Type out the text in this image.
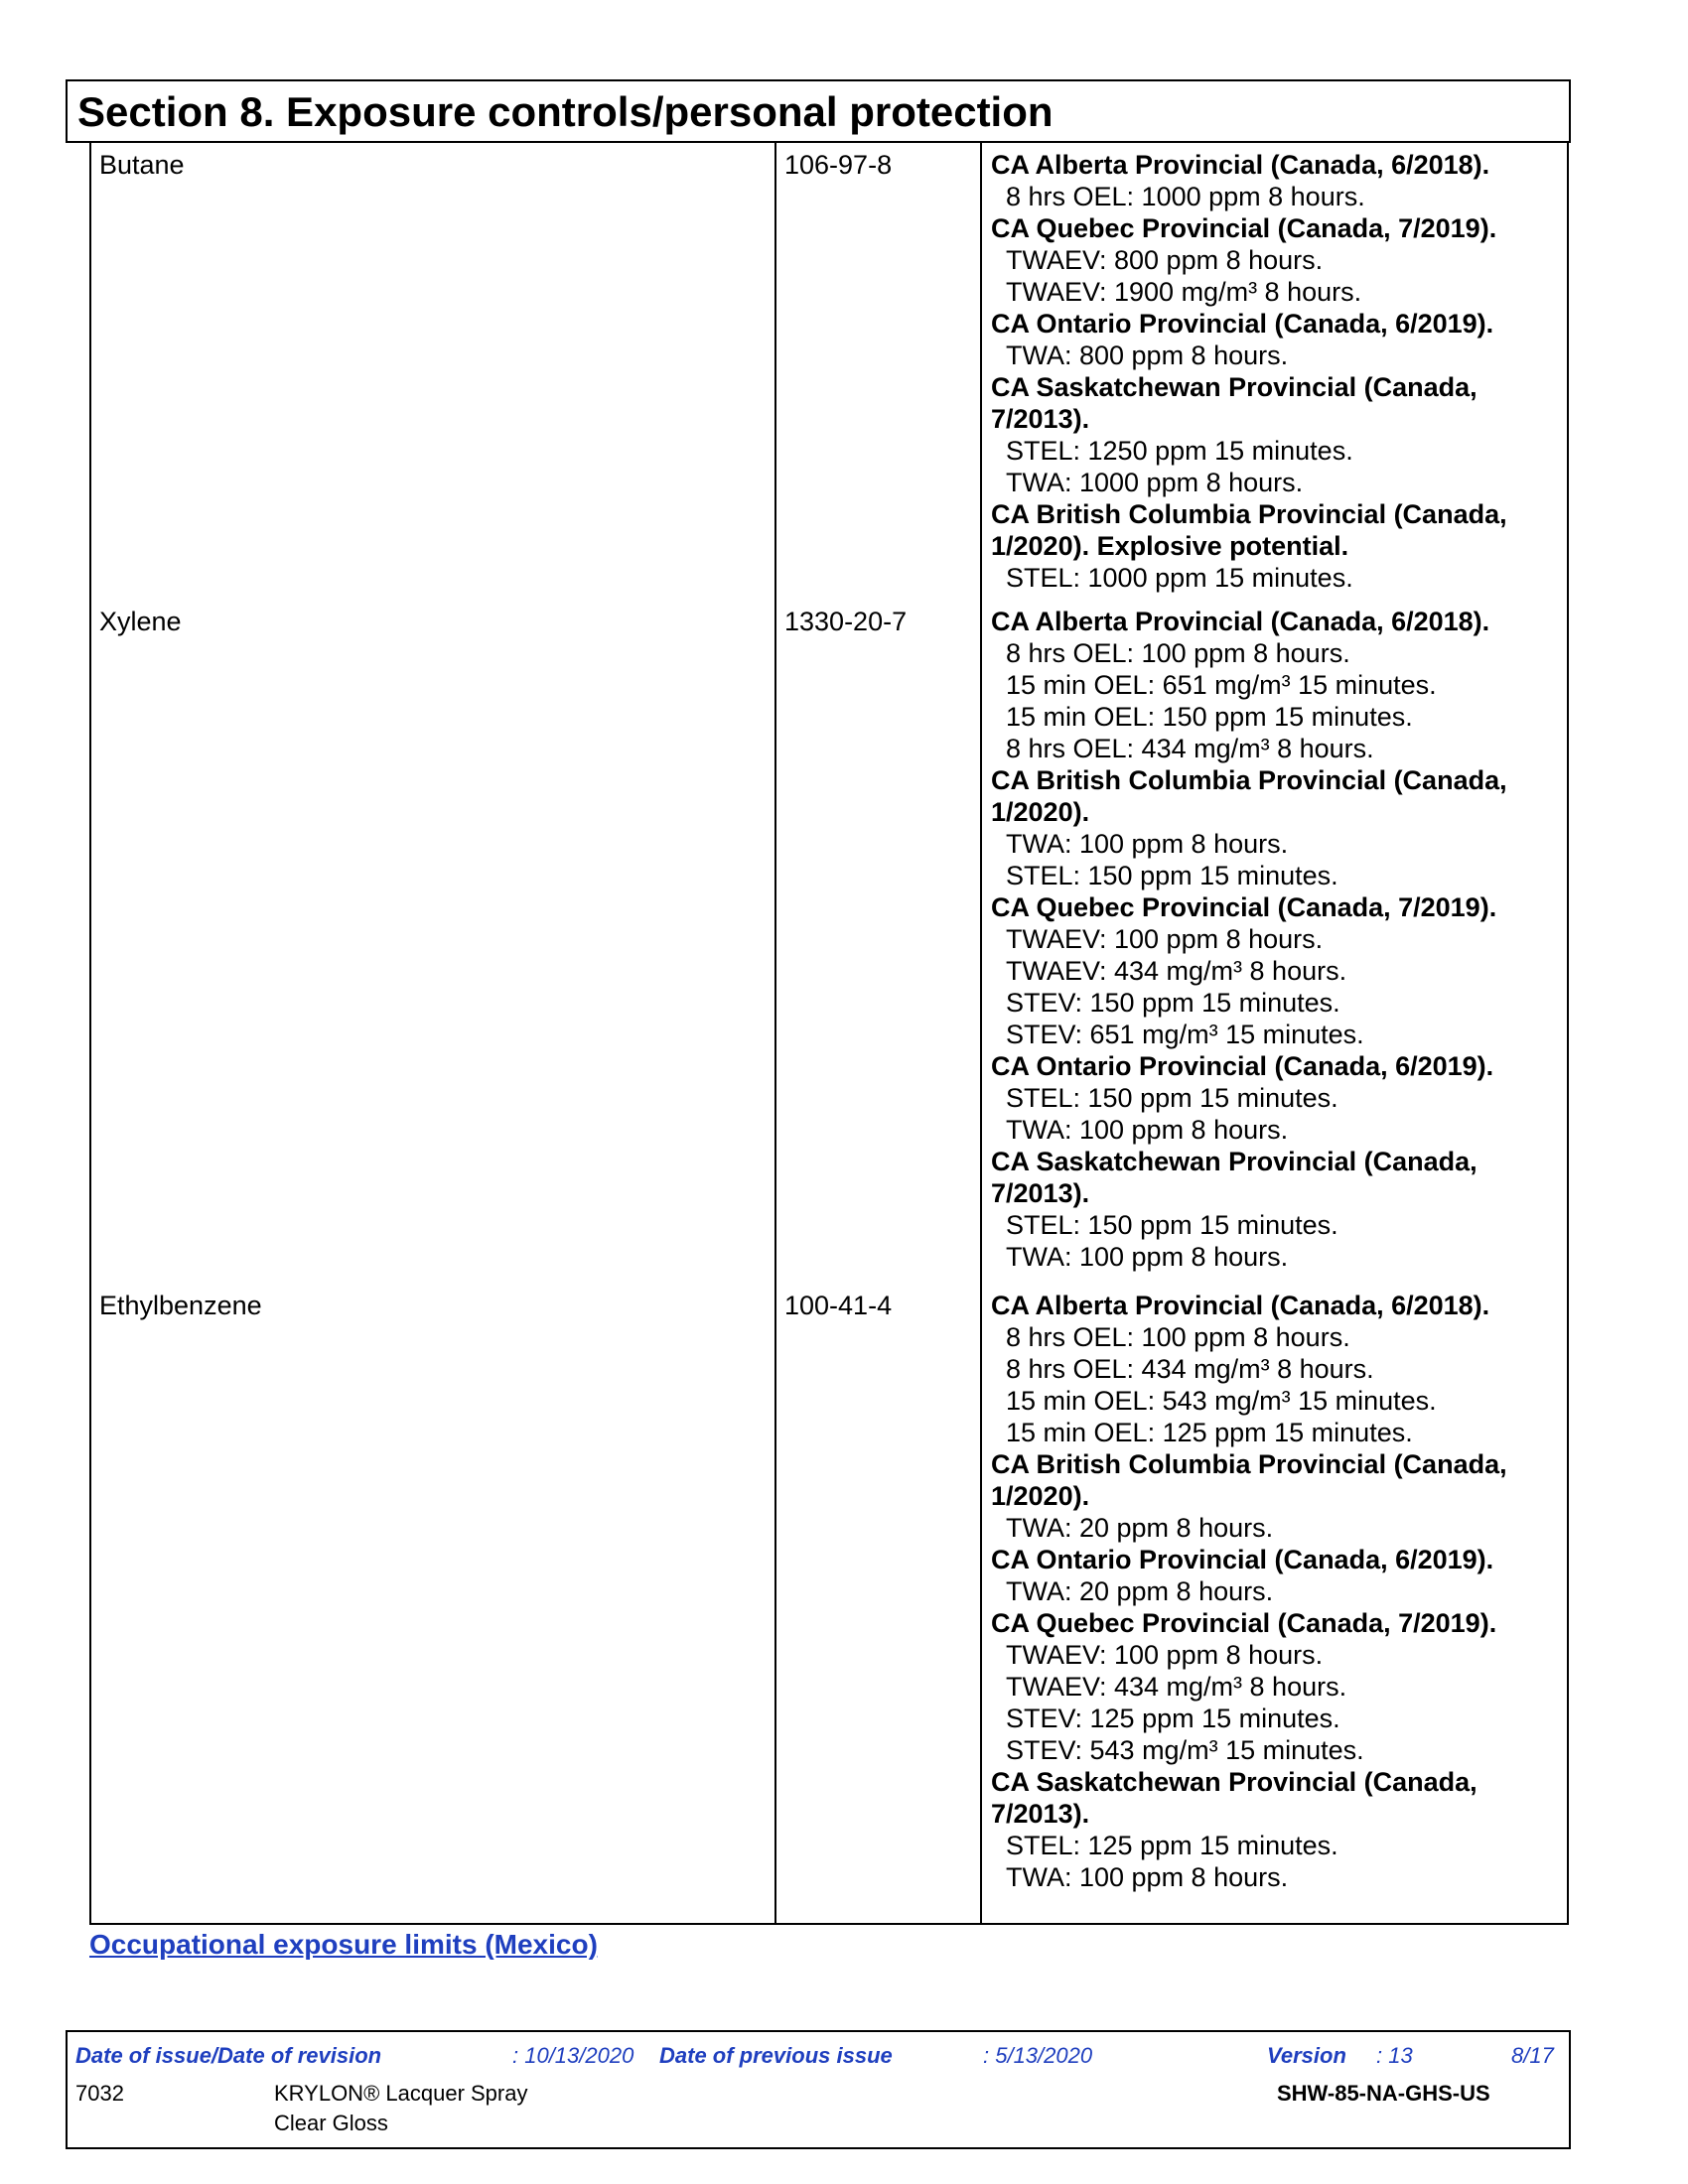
Section 8. Exposure controls/personal protection
Butane	106-97-8	CA Alberta Provincial (Canada, 6/2018).
8 hrs OEL: 1000 ppm 8 hours.
CA Quebec Provincial (Canada, 7/2019).
TWAEV: 800 ppm 8 hours.
TWAEV: 1900 mg/m³ 8 hours.
CA Ontario Provincial (Canada, 6/2019).
TWA: 800 ppm 8 hours.
CA Saskatchewan Provincial (Canada, 7/2013).
STEL: 1250 ppm 15 minutes.
TWA: 1000 ppm 8 hours.
CA British Columbia Provincial (Canada, 1/2020). Explosive potential.
STEL: 1000 ppm 15 minutes.
Xylene	1330-20-7	CA Alberta Provincial (Canada, 6/2018).
8 hrs OEL: 100 ppm 8 hours.
15 min OEL: 651 mg/m³ 15 minutes.
15 min OEL: 150 ppm 15 minutes.
8 hrs OEL: 434 mg/m³ 8 hours.
CA British Columbia Provincial (Canada, 1/2020).
TWA: 100 ppm 8 hours.
STEL: 150 ppm 15 minutes.
CA Quebec Provincial (Canada, 7/2019).
TWAEV: 100 ppm 8 hours.
TWAEV: 434 mg/m³ 8 hours.
STEV: 150 ppm 15 minutes.
STEV: 651 mg/m³ 15 minutes.
CA Ontario Provincial (Canada, 6/2019).
STEL: 150 ppm 15 minutes.
TWA: 100 ppm 8 hours.
CA Saskatchewan Provincial (Canada, 7/2013).
STEL: 150 ppm 15 minutes.
TWA: 100 ppm 8 hours.
Ethylbenzene	100-41-4	CA Alberta Provincial (Canada, 6/2018).
8 hrs OEL: 100 ppm 8 hours.
8 hrs OEL: 434 mg/m³ 8 hours.
15 min OEL: 543 mg/m³ 15 minutes.
15 min OEL: 125 ppm 15 minutes.
CA British Columbia Provincial (Canada, 1/2020).
TWA: 20 ppm 8 hours.
CA Ontario Provincial (Canada, 6/2019).
TWA: 20 ppm 8 hours.
CA Quebec Provincial (Canada, 7/2019).
TWAEV: 100 ppm 8 hours.
TWAEV: 434 mg/m³ 8 hours.
STEV: 125 ppm 15 minutes.
STEV: 543 mg/m³ 15 minutes.
CA Saskatchewan Provincial (Canada, 7/2013).
STEL: 125 ppm 15 minutes.
TWA: 100 ppm 8 hours.
Occupational exposure limits (Mexico)
Date of issue/Date of revision	: 10/13/2020 Date of previous issue	: 5/13/2020	Version : 13	8/17
7032	KRYLON® Lacquer Spray
Clear Gloss
SHW-85-NA-GHS-US
